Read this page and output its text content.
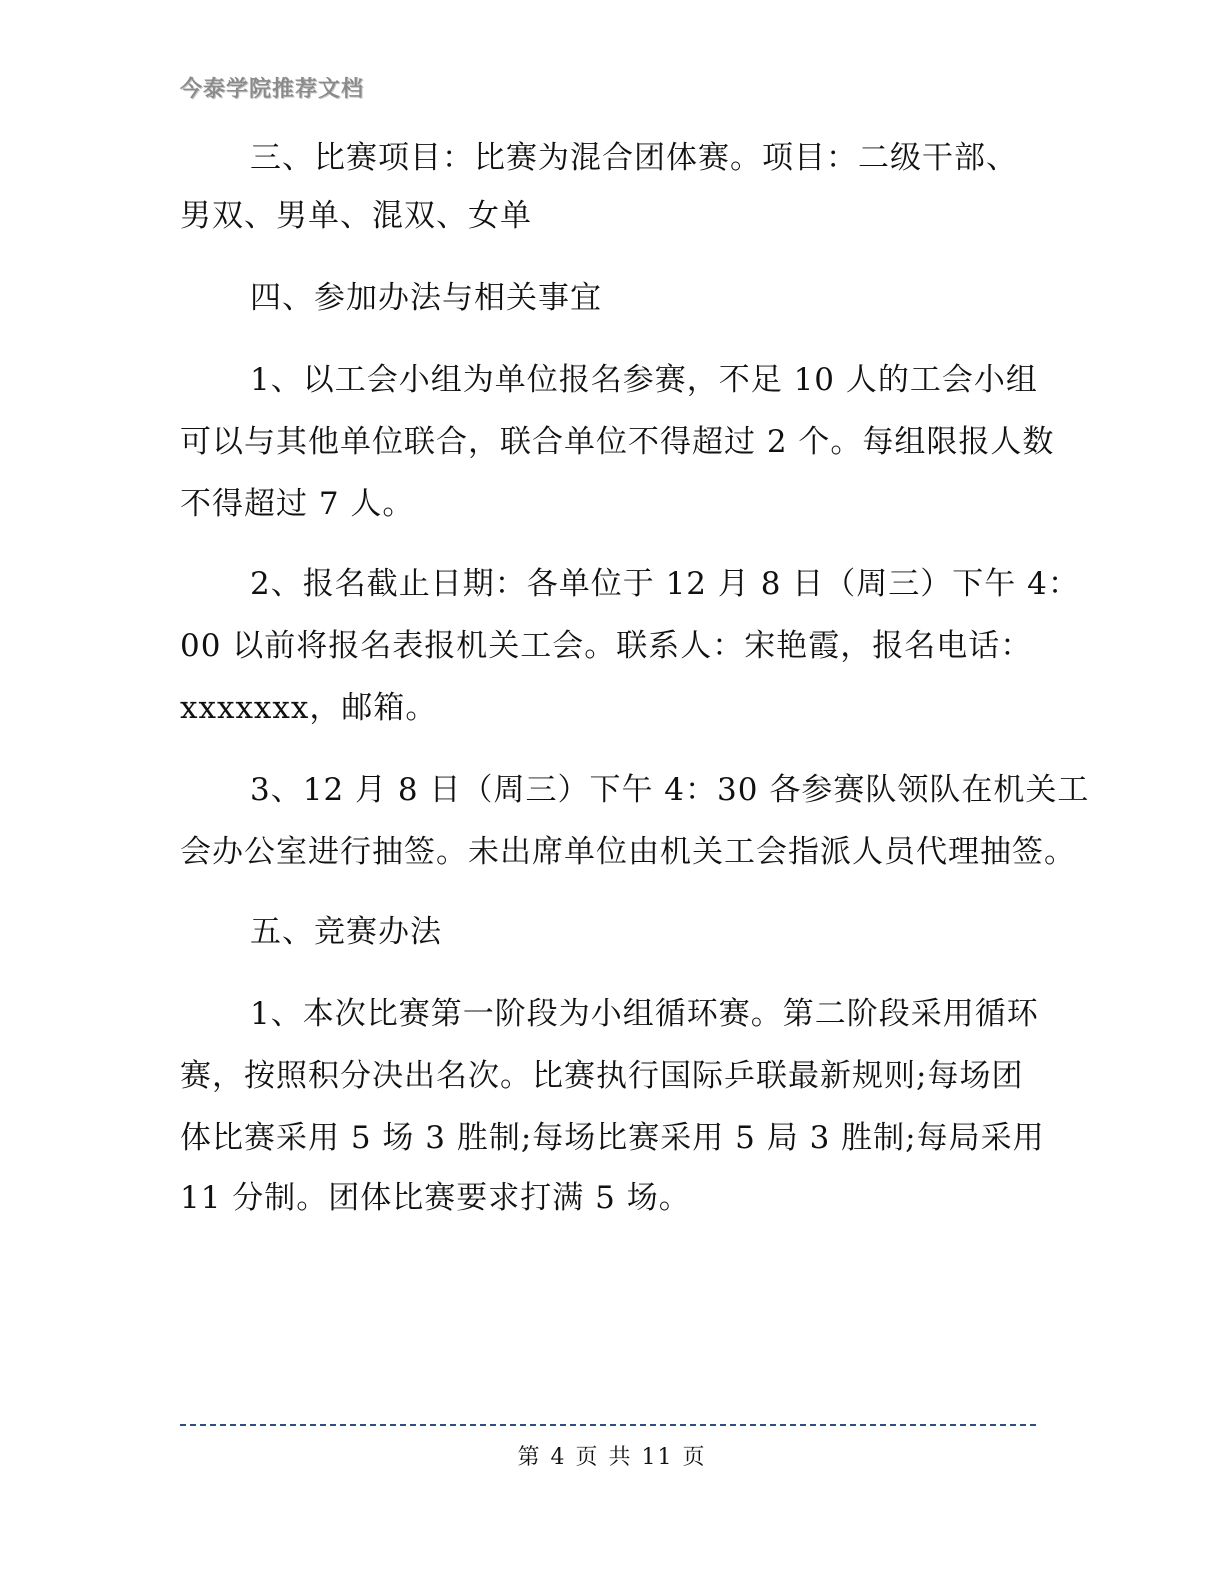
今泰学院推荐文档
三、比赛项目：比赛为混合团体赛。项目：二级干部、
男双、男单、混双、女单
四、参加办法与相关事宜
1、以工会小组为单位报名参赛，不足 10 人的工会小组
可以与其他单位联合，联合单位不得超过 2 个。每组限报人数
不得超过 7 人。
2、报名截止日期：各单位于 12 月 8 日（周三）下午 4：
00 以前将报名表报机关工会。联系人：宋艳霞，报名电话：
xxxxxxx，邮箱。
3、12 月 8 日（周三）下午 4：30 各参赛队领队在机关工
会办公室进行抽签。未出席单位由机关工会指派人员代理抽签。
五、竞赛办法
1、本次比赛第一阶段为小组循环赛。第二阶段采用循环
赛，按照积分决出名次。比赛执行国际乒联最新规则;每场团
体比赛采用 5 场 3 胜制;每场比赛采用 5 局 3 胜制;每局采用
11 分制。团体比赛要求打满 5 场。
第 4 页 共 11 页
